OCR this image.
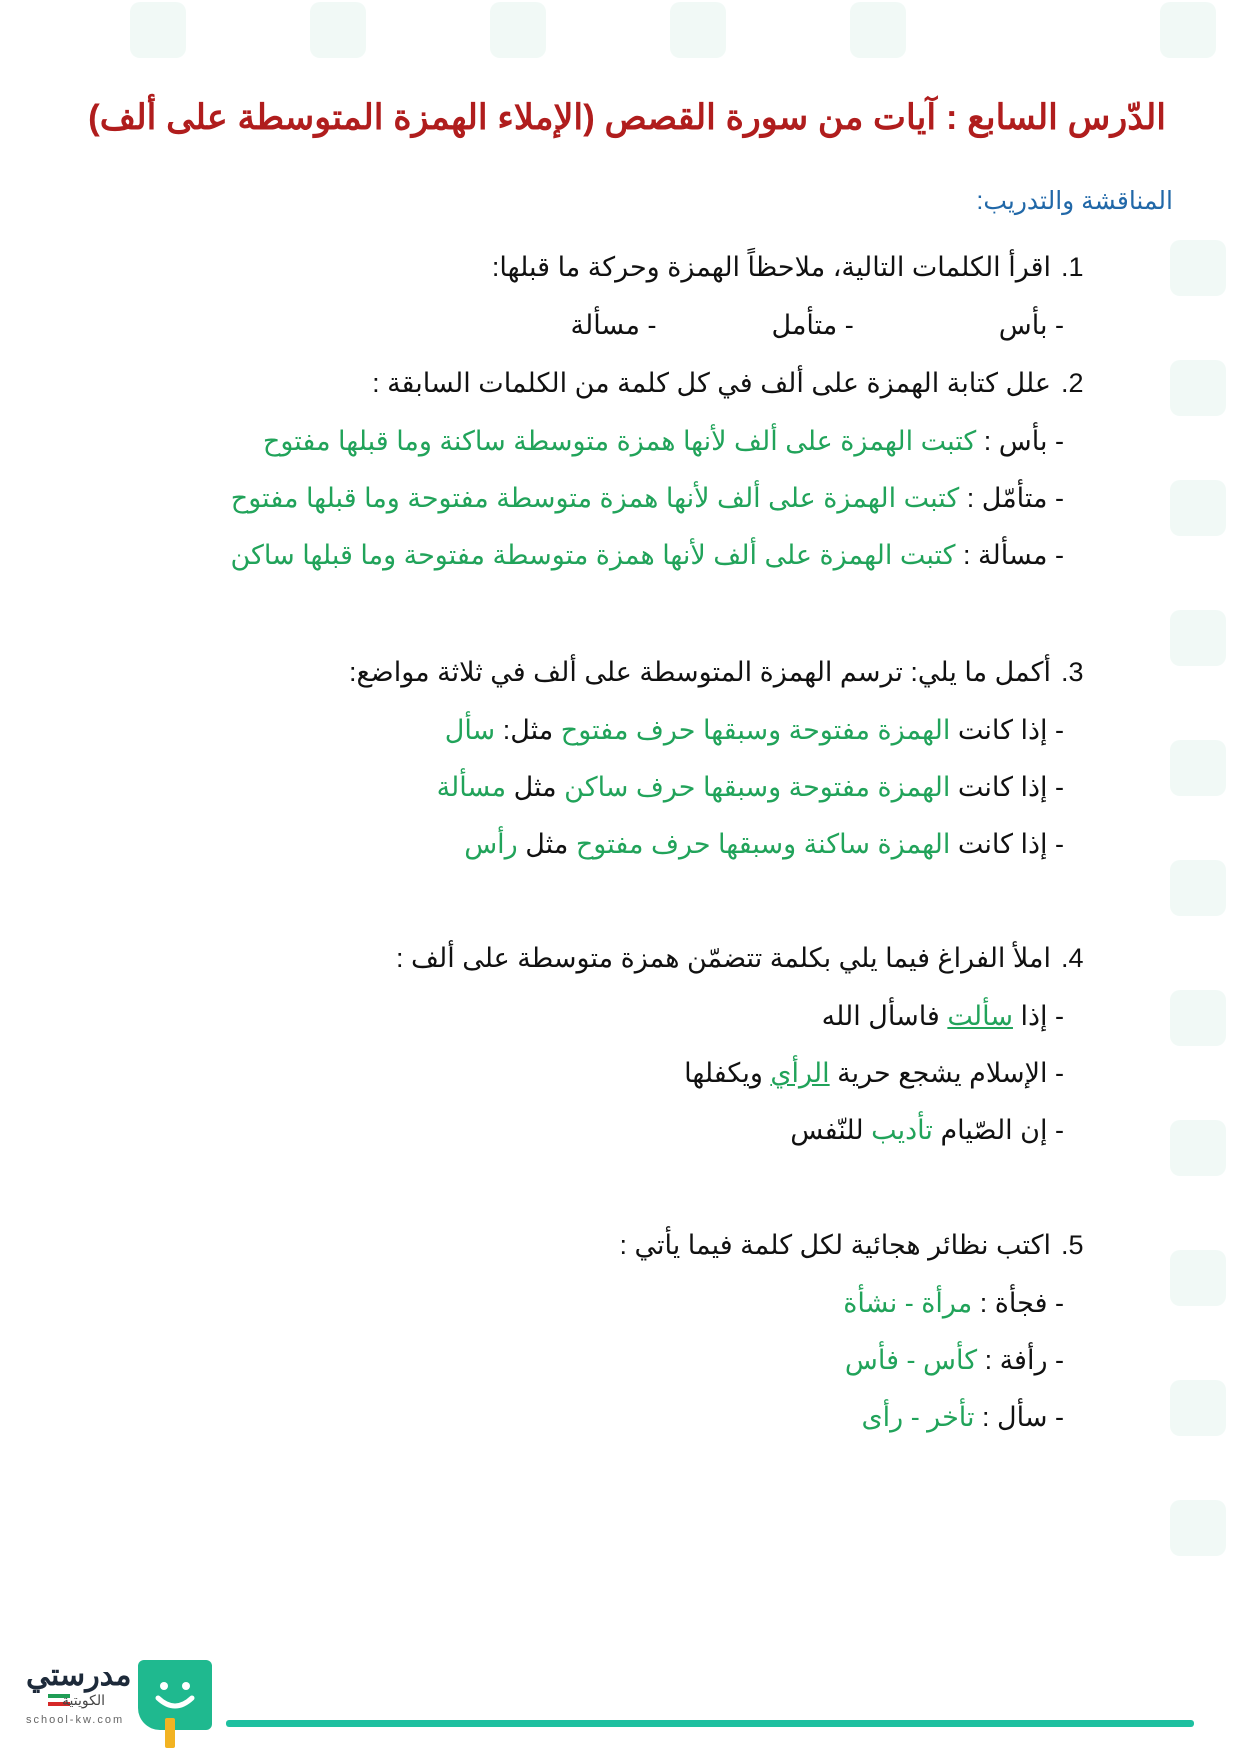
الدّرس السابع : آيات من سورة القصص (الإملاء الهمزة المتوسطة على ألف)
المناقشة والتدريب:
1.اقرأ الكلمات التالية، ملاحظاً الهمزة وحركة ما قبلها:
- بأس  - متأمل  - مسألة
2.علل كتابة الهمزة على ألف في كل كلمة من الكلمات السابقة :
- بأس : كتبت الهمزة على ألف لأنها همزة متوسطة ساكنة وما قبلها مفتوح
- متأمّل : كتبت الهمزة على ألف لأنها همزة متوسطة مفتوحة وما قبلها مفتوح
- مسألة : كتبت الهمزة على ألف لأنها همزة متوسطة مفتوحة وما قبلها ساكن
3.أكمل ما يلي: ترسم الهمزة المتوسطة على ألف في ثلاثة مواضع:
- إذا كانت الهمزة مفتوحة وسبقها حرف مفتوح مثل: سأل
- إذا كانت الهمزة مفتوحة وسبقها حرف ساكن مثل مسألة
- إذا كانت الهمزة ساكنة وسبقها حرف مفتوح مثل رأس
4.املأ الفراغ فيما يلي بكلمة تتضمّن همزة متوسطة على ألف :
- إذا سألت فاسأل الله
- الإسلام يشجع حرية الرأي ويكفلها
- إن الصّيام تأديب للنّفس
5.اكتب نظائر هجائية لكل كلمة فيما يأتي :
- فجأة : مرأة - نشأة
- رأفة : كأس - فأس
- سأل : تأخر - رأى
مدرستي
الكويتية
school-kw.com
